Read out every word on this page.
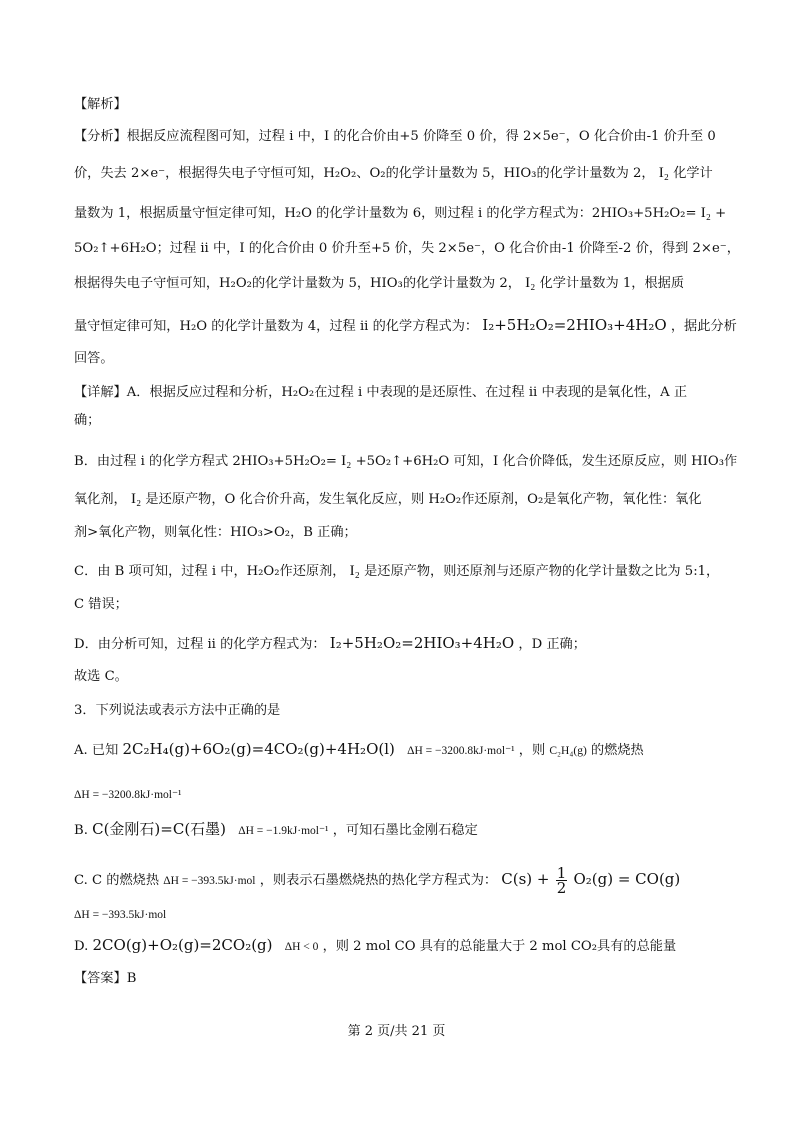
【解析】
【分析】根据反应流程图可知，过程 i 中，I 的化合价由+5 价降至 0 价，得 2×5e⁻，O 化合价由-1 价升至 0
价，失去 2×e⁻，根据得失电子守恒可知，H₂O₂、O₂的化学计量数为 5，HIO₃的化学计量数为 2， I₂ 化学计
量数为 1，根据质量守恒定律可知，H₂O 的化学计量数为 6，则过程 i 的化学方程式为：2HIO₃+5H₂O₂= I₂ +
5O₂↑+6H₂O；过程 ii 中，I 的化合价由 0 价升至+5 价，失 2×5e⁻，O 化合价由-1 价降至-2 价，得到 2×e⁻，
根据得失电子守恒可知，H₂O₂的化学计量数为 5，HIO₃的化学计量数为 2， I₂ 化学计量数为 1，根据质
量守恒定律可知，H₂O 的化学计量数为 4，过程 ii 的化学方程式为： I₂+5H₂O₂=2HIO₃+4H₂O ，据此分析
回答。
【详解】A．根据反应过程和分析，H₂O₂在过程 i 中表现的是还原性、在过程 ii 中表现的是氧化性，A 正
确；
B．由过程 i 的化学方程式 2HIO₃+5H₂O₂= I₂ +5O₂↑+6H₂O 可知，I 化合价降低，发生还原反应，则 HIO₃作
氧化剂， I₂ 是还原产物，O 化合价升高，发生氧化反应，则 H₂O₂作还原剂，O₂是氧化产物，氧化性：氧化
剂>氧化产物，则氧化性：HIO₃>O₂，B 正确；
C．由 B 项可知，过程 i 中，H₂O₂作还原剂， I₂ 是还原产物，则还原剂与还原产物的化学计量数之比为 5:1，
C 错误；
D．由分析可知，过程 ii 的化学方程式为： I₂+5H₂O₂=2HIO₃+4H₂O ，D 正确；
故选 C。
3．下列说法或表示方法中正确的是
A. 已知 2C₂H₄(g)+6O₂(g)=4CO₂(g)+4H₂O(l) ΔH = −3200.8kJ·mol⁻¹ ，则 C₂H₄(g) 的燃烧热
ΔH = −3200.8kJ·mol⁻¹
B. C(金刚石)=C(石墨) ΔH = −1.9kJ·mol⁻¹ ，可知石墨比金刚石稳定
C. C 的燃烧热 ΔH = −393.5kJ·mol ，则表示石墨燃烧热的热化学方程式为： $C(s) + \frac{1}{2} O_2(g) = CO(g)$
ΔH = −393.5kJ·mol
D. 2CO(g)+O₂(g)=2CO₂(g) ΔH < 0 ，则 2 mol CO 具有的总能量大于 2 mol CO₂具有的总能量
【答案】B
第 2 页/共 21 页
